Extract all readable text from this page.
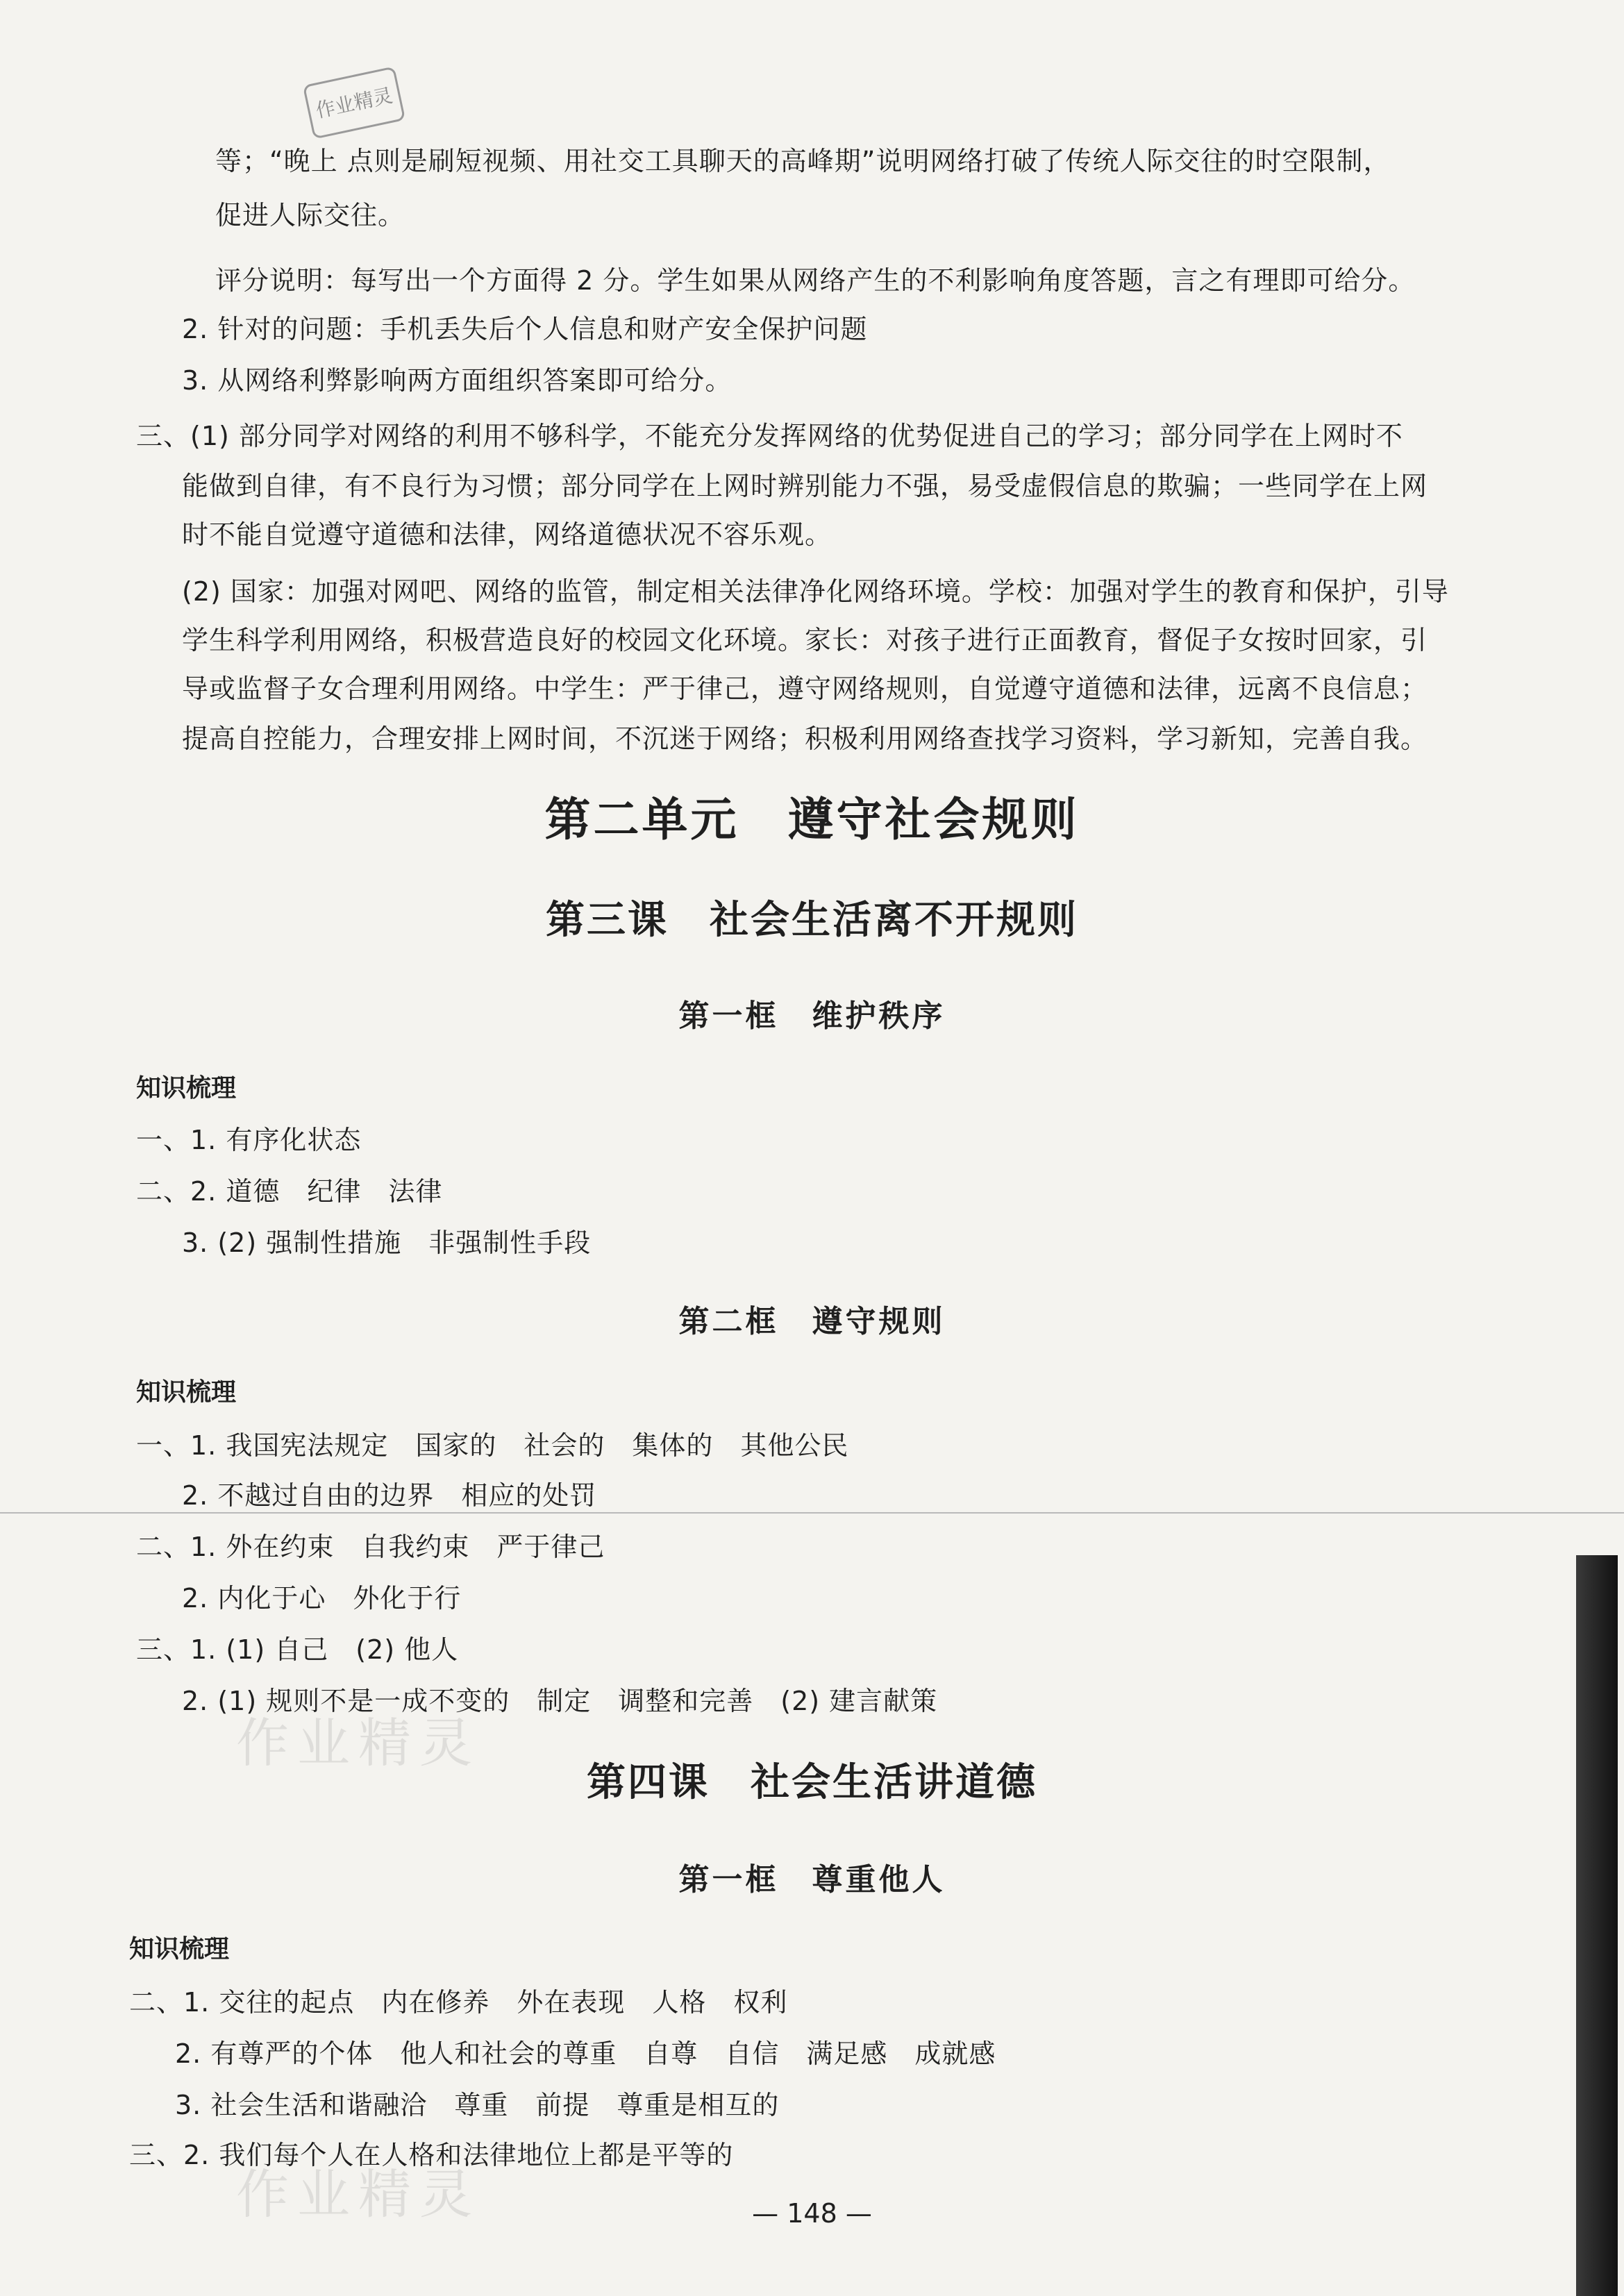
作业精灵
等；“晚上 点则是刷短视频、用社交工具聊天的高峰期”说明网络打破了传统人际交往的时空限制，
促进人际交往。
评分说明：每写出一个方面得 2 分。学生如果从网络产生的不利影响角度答题，言之有理即可给分。
2. 针对的问题：手机丢失后个人信息和财产安全保护问题
3. 从网络利弊影响两方面组织答案即可给分。
三、(1) 部分同学对网络的利用不够科学，不能充分发挥网络的优势促进自己的学习；部分同学在上网时不
能做到自律，有不良行为习惯；部分同学在上网时辨别能力不强，易受虚假信息的欺骗；一些同学在上网
时不能自觉遵守道德和法律，网络道德状况不容乐观。
(2) 国家：加强对网吧、网络的监管，制定相关法律净化网络环境。学校：加强对学生的教育和保护，引导
学生科学利用网络，积极营造良好的校园文化环境。家长：对孩子进行正面教育，督促子女按时回家，引
导或监督子女合理利用网络。中学生：严于律己，遵守网络规则，自觉遵守道德和法律，远离不良信息；
提高自控能力，合理安排上网时间，不沉迷于网络；积极利用网络查找学习资料，学习新知，完善自我。
第二单元　遵守社会规则
第三课　社会生活离不开规则
第一框　维护秩序
知识梳理
一、1. 有序化状态
二、2. 道德　纪律　法律
3. (2) 强制性措施　非强制性手段
第二框　遵守规则
知识梳理
一、1. 我国宪法规定　国家的　社会的　集体的　其他公民
2. 不越过自由的边界　相应的处罚
二、1. 外在约束　自我约束　严于律己
2. 内化于心　外化于行
三、1. (1) 自己　(2) 他人
2. (1) 规则不是一成不变的　制定　调整和完善　(2) 建言献策
作业精灵
第四课　社会生活讲道德
第一框　尊重他人
知识梳理
二、1. 交往的起点　内在修养　外在表现　人格　权利
2. 有尊严的个体　他人和社会的尊重　自尊　自信　满足感　成就感
3. 社会生活和谐融洽　尊重　前提　尊重是相互的
三、2. 我们每个人在人格和法律地位上都是平等的
作业精灵	— 148 —
